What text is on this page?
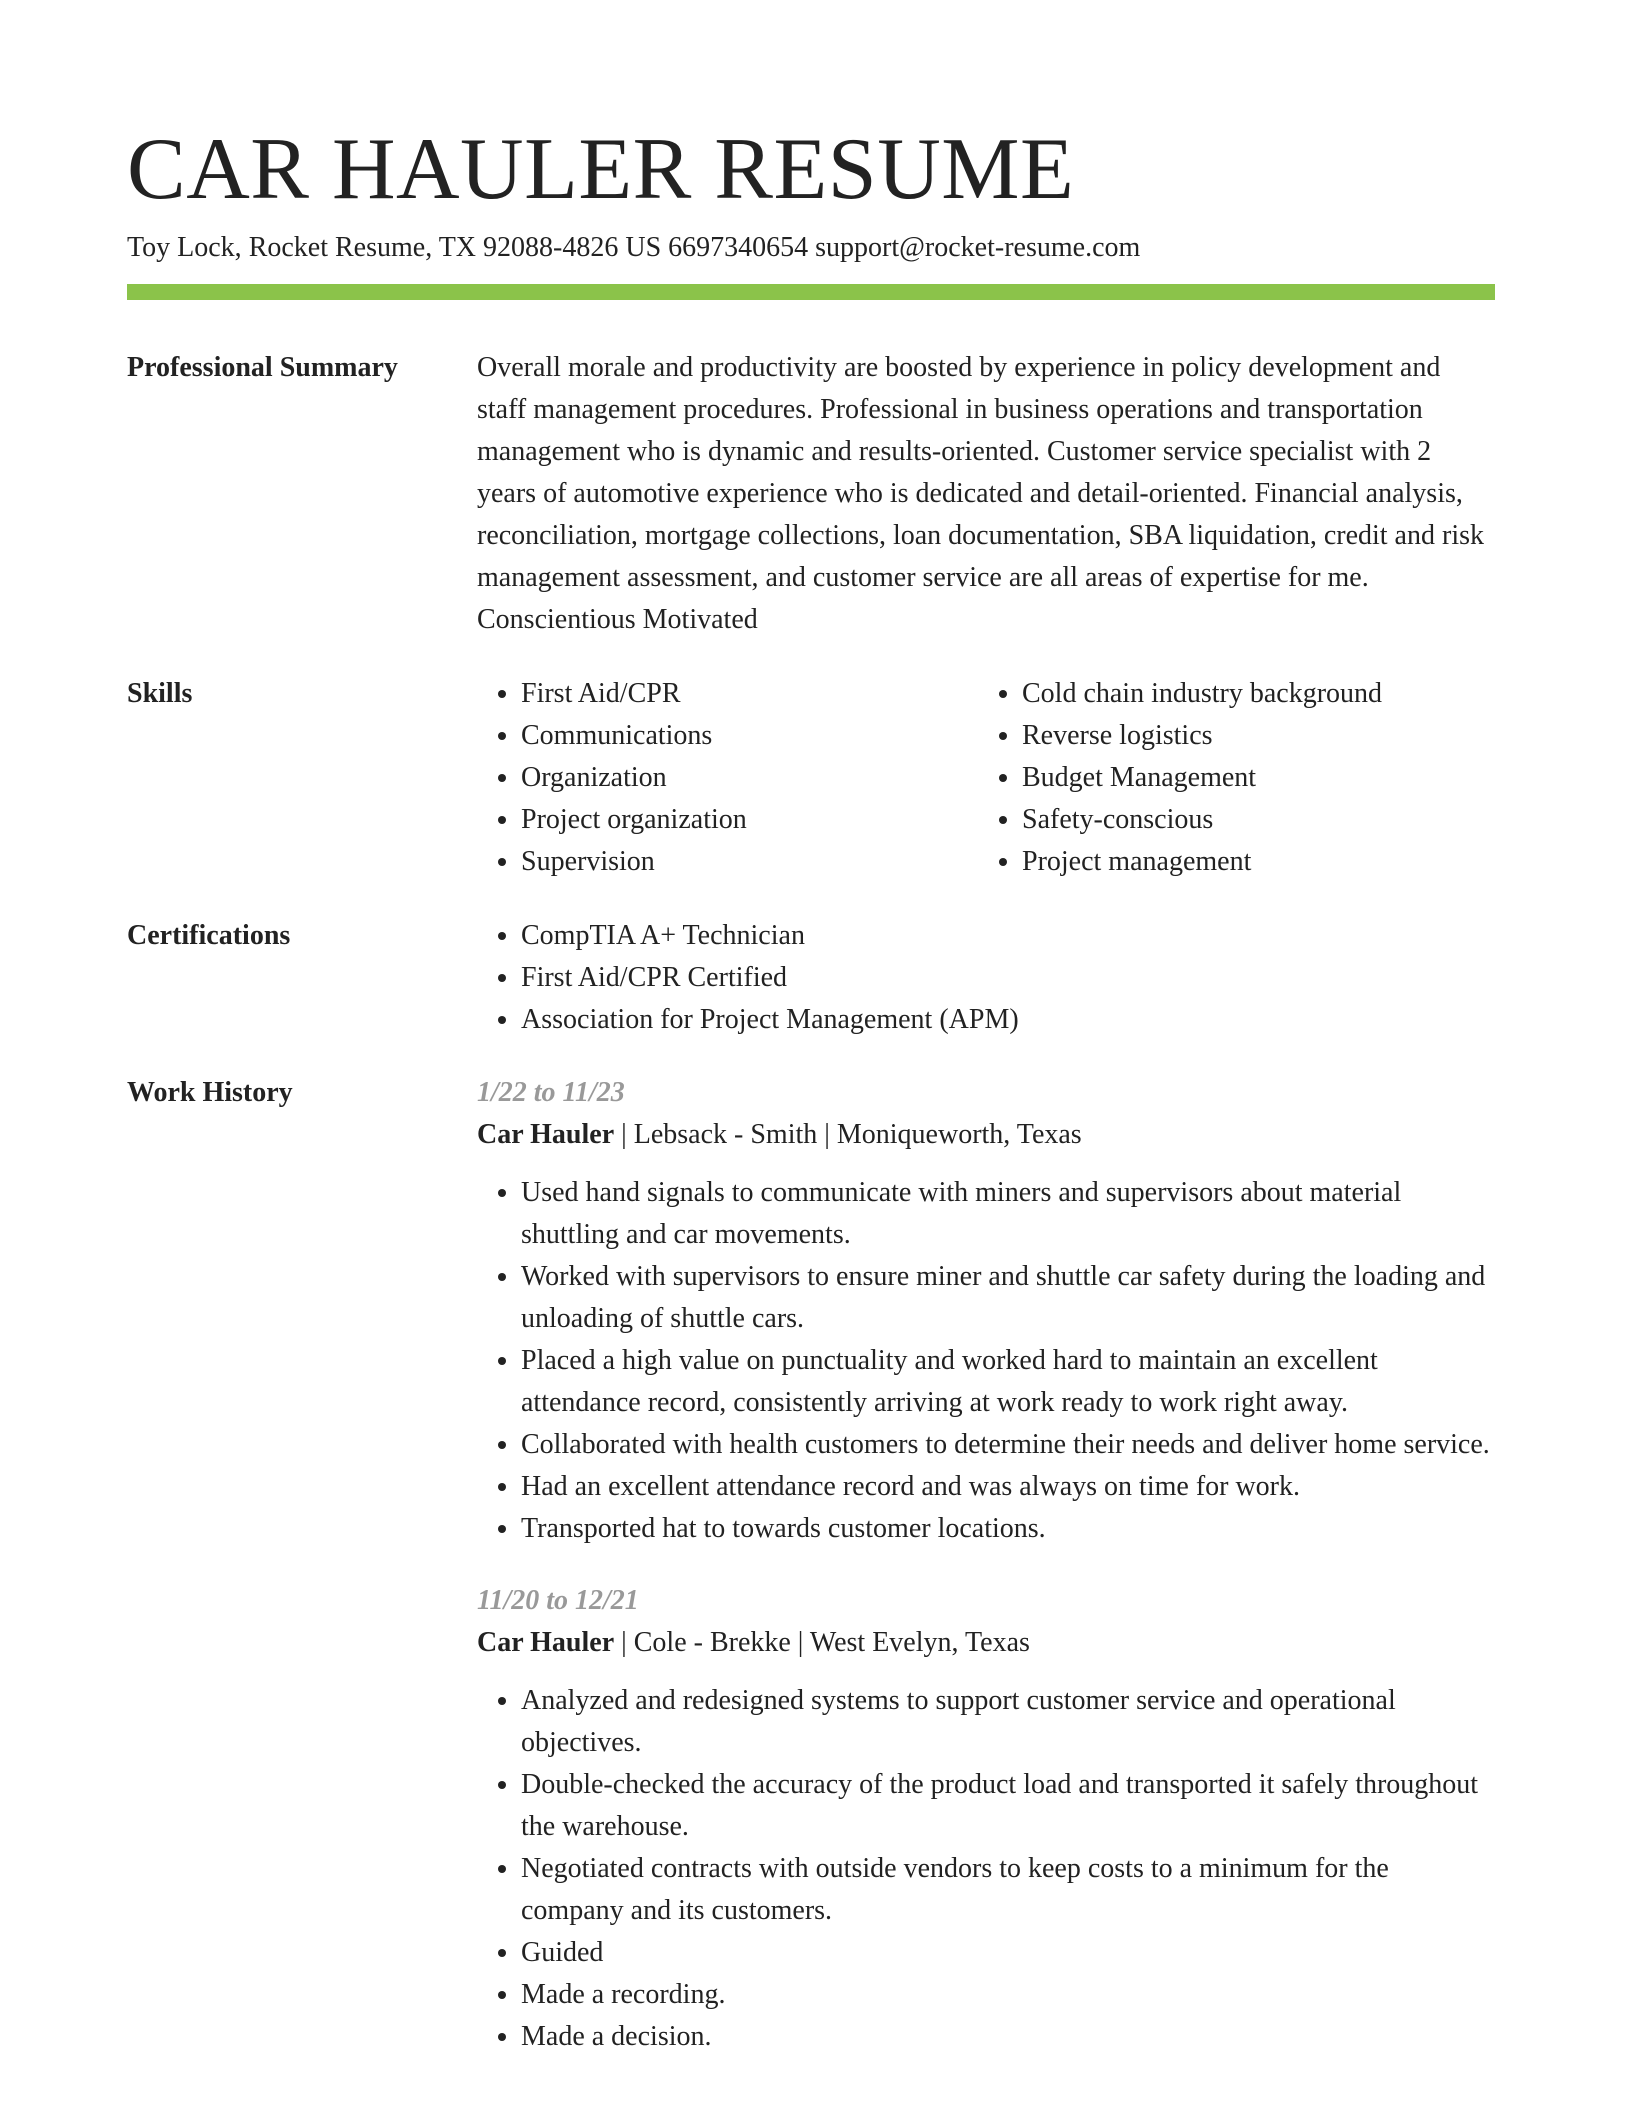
CAR HAULER RESUME
Toy Lock, Rocket Resume, TX 92088-4826 US 6697340654 support@rocket-resume.com
Professional Summary	Overall morale and productivity are boosted by experience in policy development and staff management procedures. Professional in business operations and transportation management who is dynamic and results-oriented. Customer service specialist with 2 years of automotive experience who is dedicated and detail-oriented. Financial analysis, reconciliation, mortgage collections, loan documentation, SBA liquidation, credit and risk management assessment, and customer service are all areas of expertise for me. Conscientious Motivated

Skills	• First Aid/CPR
• Communications
• Organization
• Project organization
• Supervision
• Cold chain industry background
• Reverse logistics
• Budget Management
• Safety-conscious
• Project management
Certifications	• CompTIA A+ Technician
• First Aid/CPR Certified
• Association for Project Management (APM)
Work History	1/22 to 11/23
Car Hauler | Lebsack - Smith | Moniqueworth, Texas
• Used hand signals to communicate with miners and supervisors about material shuttling and car movements.
• Worked with supervisors to ensure miner and shuttle car safety during the loading and unloading of shuttle cars.
• Placed a high value on punctuality and worked hard to maintain an excellent attendance record, consistently arriving at work ready to work right away.
• Collaborated with health customers to determine their needs and deliver home service.
• Had an excellent attendance record and was always on time for work.
• Transported hat to towards customer locations.
11/20 to 12/21
Car Hauler | Cole - Brekke | West Evelyn, Texas
• Analyzed and redesigned systems to support customer service and operational objectives.
• Double-checked the accuracy of the product load and transported it safely throughout the warehouse.
• Negotiated contracts with outside vendors to keep costs to a minimum for the company and its customers.
• Guided
• Made a recording.
• Made a decision.
